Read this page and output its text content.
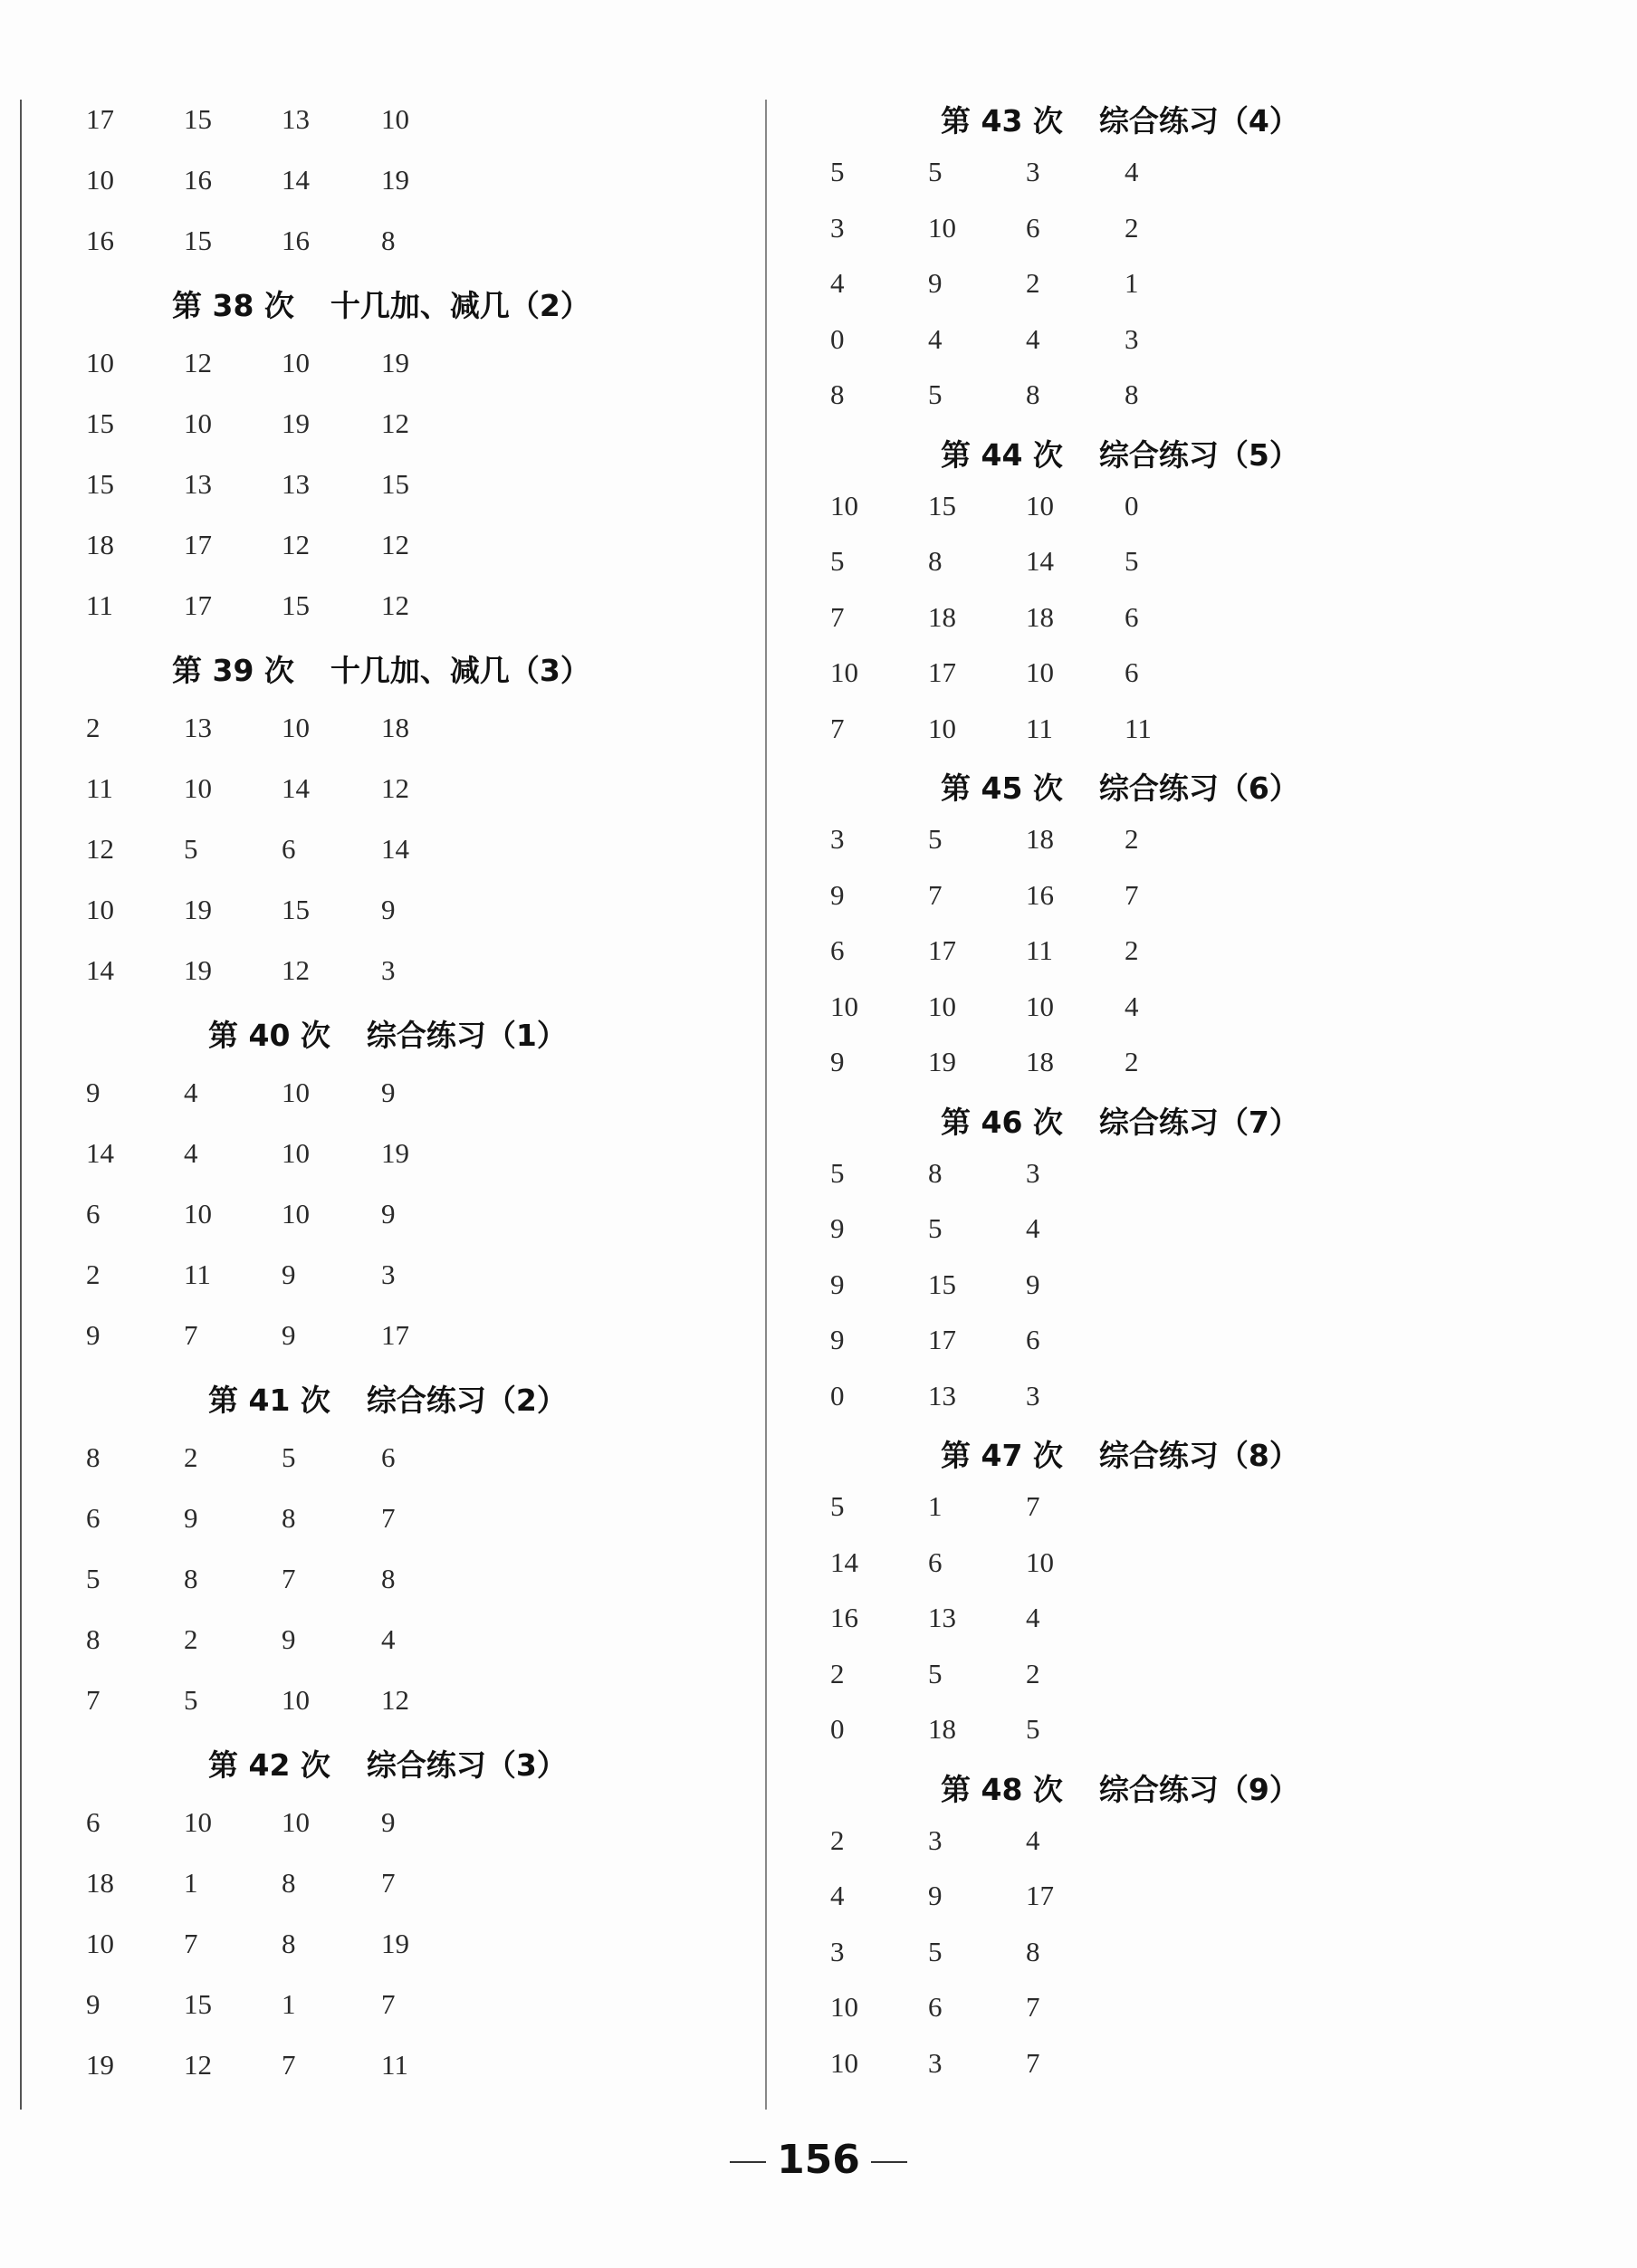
17 15 13	10
10 16 14	19
16 15 16	8
第 38 次 十几加、减几（2）
10 12 10	19
15 10 19	12
15 13 13	15
18 17 12	12
11	17 15	12
第 39 次 十几加、减几（3）
2	13 10	18
11	10 14	12
12 5	6	14
10 19 15	9
14 19 12	3
第 40 次 综合练习（1）
9	4	10	9
14 4	10	19
6	10 10	9
2	11	9	3
9	7	9	17
第 41 次 综合练习（2）
8	2	5	6
6	9	8	7
5	8	7	8
8	2	9	4
7	5	10	12
第 42 次 综合练习（3）
6	10 10	9
18 1	8	7
10 7	8	19
9	15 1	7
19 12 7	11
第 43 次 综合练习（4）
5	5	3	4
3	10 6	2
4	9	2	1
0	4	4	3
8	5	8	8
第 44 次 综合练习（5）
10 15 10	0
5	8	14	5
7	18 18	6
10 17 10	6
7	10 11	11
第 45 次 综合练习（6）
3	5	18	2
9	7	16	7
6	17 11	2
10 10 10	4
9	19 18	2
第 46 次 综合练习（7）
5	8	3
9	5	4
9	15 9
9	17 6
0	13 3
第 47 次 综合练习（8）
5	1	7
14 6	10
16 13 4
2	5	2
0	18 5
第 48 次 综合练习（9）
2	3	4
4	9	17
3	5	8
10 6	7
10 3	7
156
